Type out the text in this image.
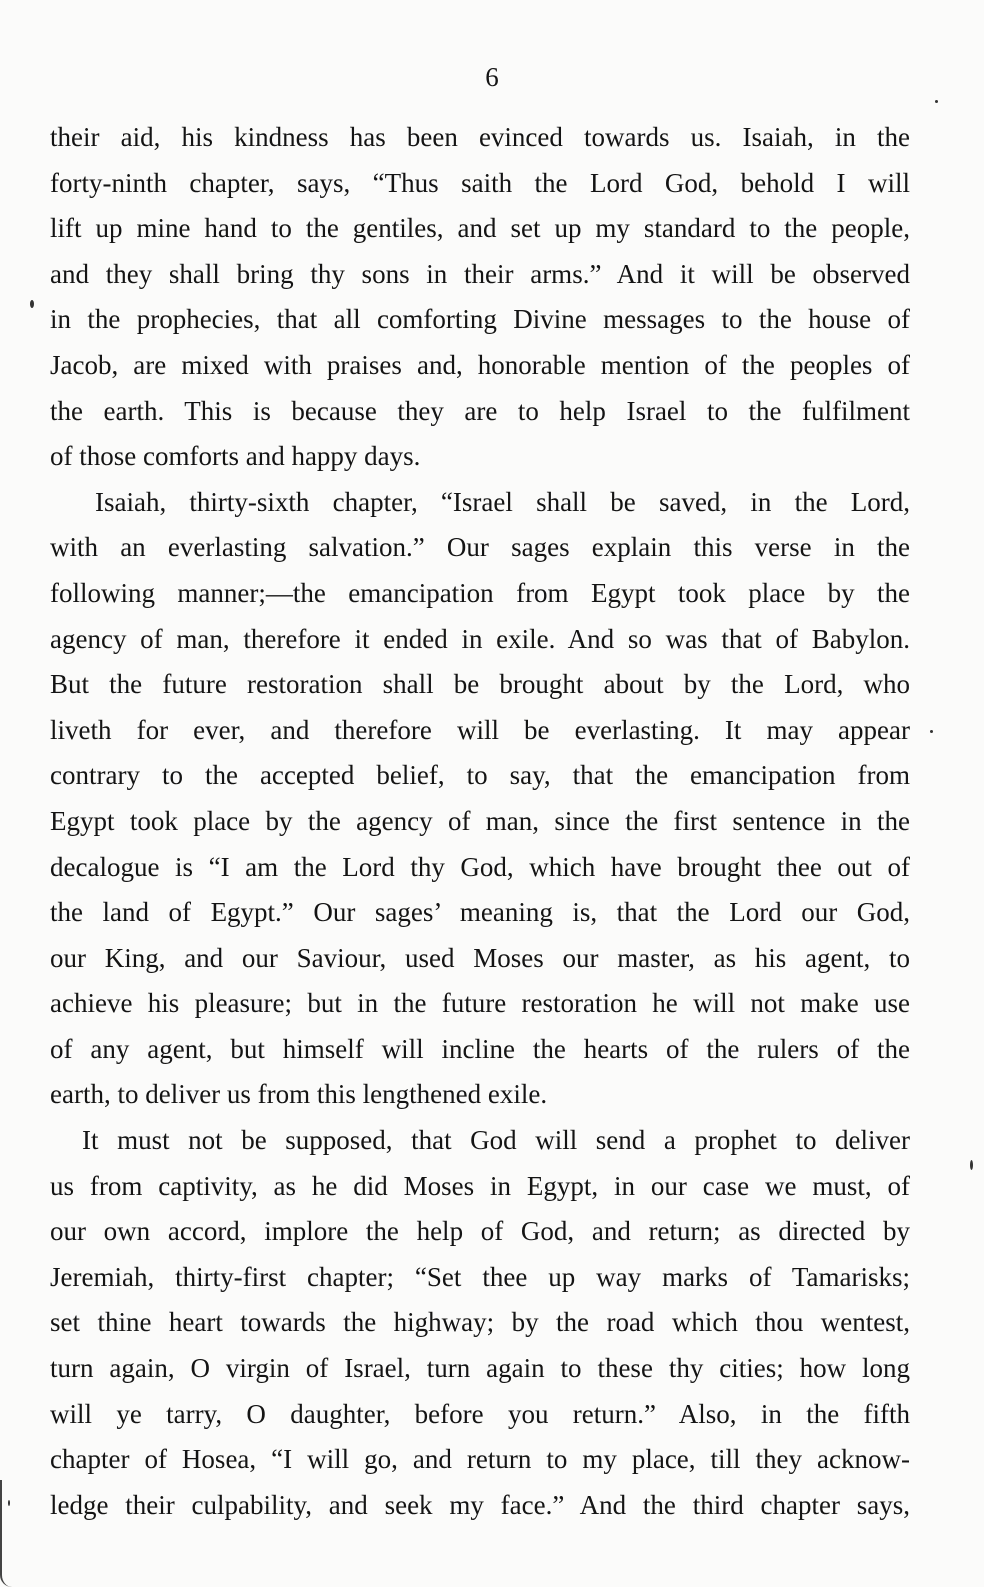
6
their aid, his kindness has been evinced towards us. Isaiah, in the
forty-ninth chapter, says, “Thus saith the Lord God, behold I will
lift up mine hand to the gentiles, and set up my standard to the people,
and they shall bring thy sons in their arms.” And it will be observed
in the prophecies, that all comforting Divine messages to the house of
Jacob, are mixed with praises and, honorable mention of the peoples of
the earth. This is because they are to help Israel to the fulfilment
of those comforts and happy days.
Isaiah, thirty-sixth chapter, “Israel shall be saved, in the Lord,
with an everlasting salvation.” Our sages explain this verse in the
following manner;—the emancipation from Egypt took place by the
agency of man, therefore it ended in exile. And so was that of Babylon.
But the future restoration shall be brought about by the Lord, who
liveth for ever, and therefore will be everlasting. It may appear
contrary to the accepted belief, to say, that the emancipation from
Egypt took place by the agency of man, since the first sentence in the
decalogue is “I am the Lord thy God, which have brought thee out of
the land of Egypt.” Our sages’ meaning is, that the Lord our God,
our King, and our Saviour, used Moses our master, as his agent, to
achieve his pleasure; but in the future restoration he will not make use
of any agent, but himself will incline the hearts of the rulers of the
earth, to deliver us from this lengthened exile.
It must not be supposed, that God will send a prophet to deliver
us from captivity, as he did Moses in Egypt, in our case we must, of
our own accord, implore the help of God, and return; as directed by
Jeremiah, thirty-first chapter; “Set thee up way marks of Tamarisks;
set thine heart towards the highway; by the road which thou wentest,
turn again, O virgin of Israel, turn again to these thy cities; how long
will ye tarry, O daughter, before you return.” Also, in the fifth
chapter of Hosea, “I will go, and return to my place, till they acknow-
ledge their culpability, and seek my face.” And the third chapter says,
